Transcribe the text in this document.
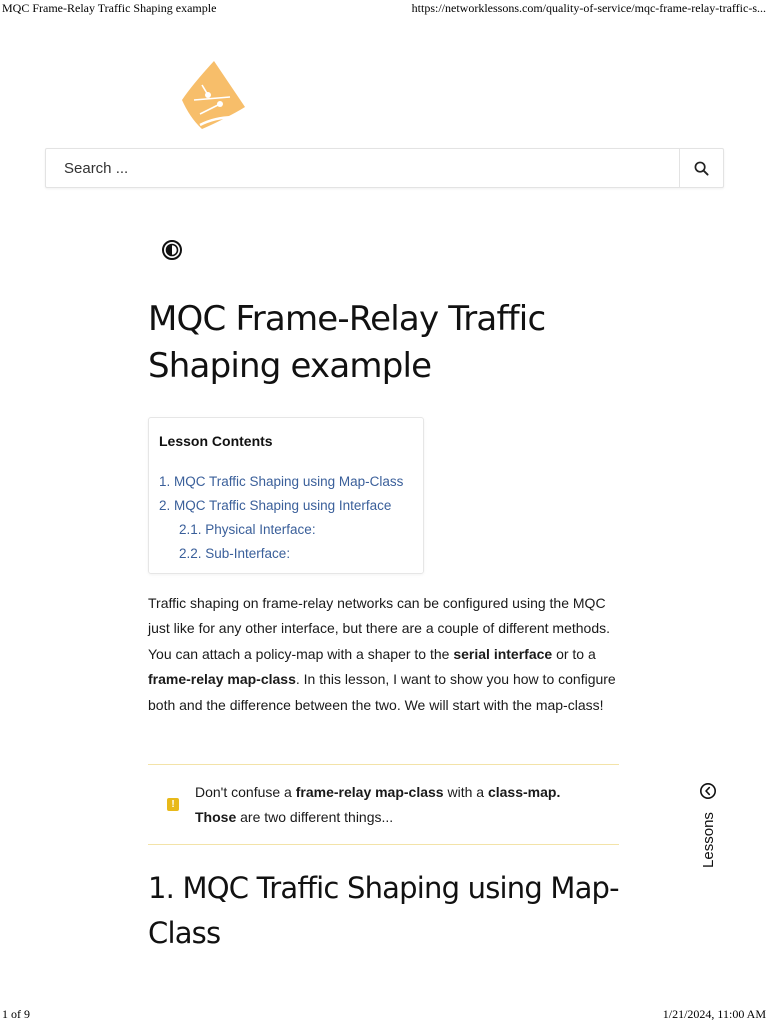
MQC Frame-Relay Traffic Shaping example	https://networklessons.com/quality-of-service/mqc-frame-relay-traffic-s...
Search ...
MQC Frame-Relay Traffic Shaping example
Lesson Contents
1. MQC Traffic Shaping using Map-Class
2. MQC Traffic Shaping using Interface
2.1. Physical Interface:
2.2. Sub-Interface:

Traffic shaping on frame-relay networks can be configured using the MQC just like for any other interface, but there are a couple of different methods. You can attach a policy-map with a shaper to the serial interface or to a frame-relay map-class. In this lesson, I want to show you how to configure both and the difference between the two. We will start with the map-class!

!
Don't confuse a frame-relay map-class with a class-map. Those are two different things...
1. MQC Traffic Shaping using Map-Class
Lessons
1 of 9	1/21/2024, 11:00 AM
